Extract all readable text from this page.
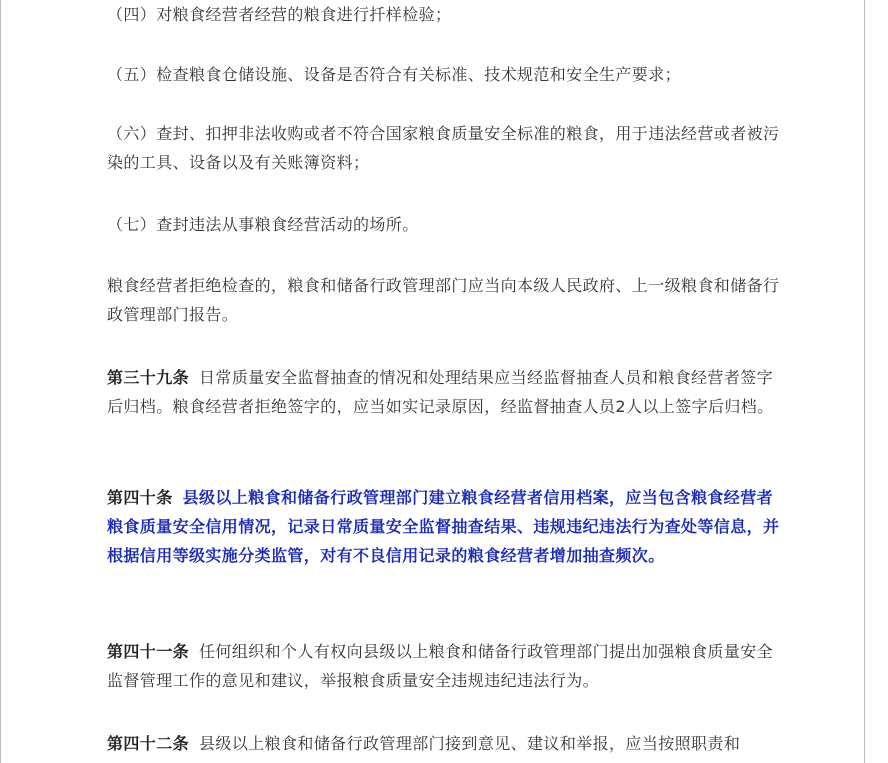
（四）对粮食经营者经营的粮食进行扦样检验；
（五）检查粮食仓储设施、设备是否符合有关标准、技术规范和安全生产要求；
（六）查封、扣押非法收购或者不符合国家粮食质量安全标准的粮食，用于违法经营或者被污染的工具、设备以及有关账簿资料；
（七）查封违法从事粮食经营活动的场所。
粮食经营者拒绝检查的，粮食和储备行政管理部门应当向本级人民政府、上一级粮食和储备行政管理部门报告。
第三十九条 日常质量安全监督抽查的情况和处理结果应当经监督抽查人员和粮食经营者签字后归档。粮食经营者拒绝签字的，应当如实记录原因，经监督抽查人员2人以上签字后归档。
第四十条 县级以上粮食和储备行政管理部门建立粮食经营者信用档案，应当包含粮食经营者粮食质量安全信用情况，记录日常质量安全监督抽查结果、违规违纪违法行为查处等信息，并根据信用等级实施分类监管，对有不良信用记录的粮食经营者增加抽查频次。
第四十一条 任何组织和个人有权向县级以上粮食和储备行政管理部门提出加强粮食质量安全监督管理工作的意见和建议，举报粮食质量安全违规违纪违法行为。
第四十二条 县级以上粮食和储备行政管理部门接到意见、建议和举报，应当按照职责和
